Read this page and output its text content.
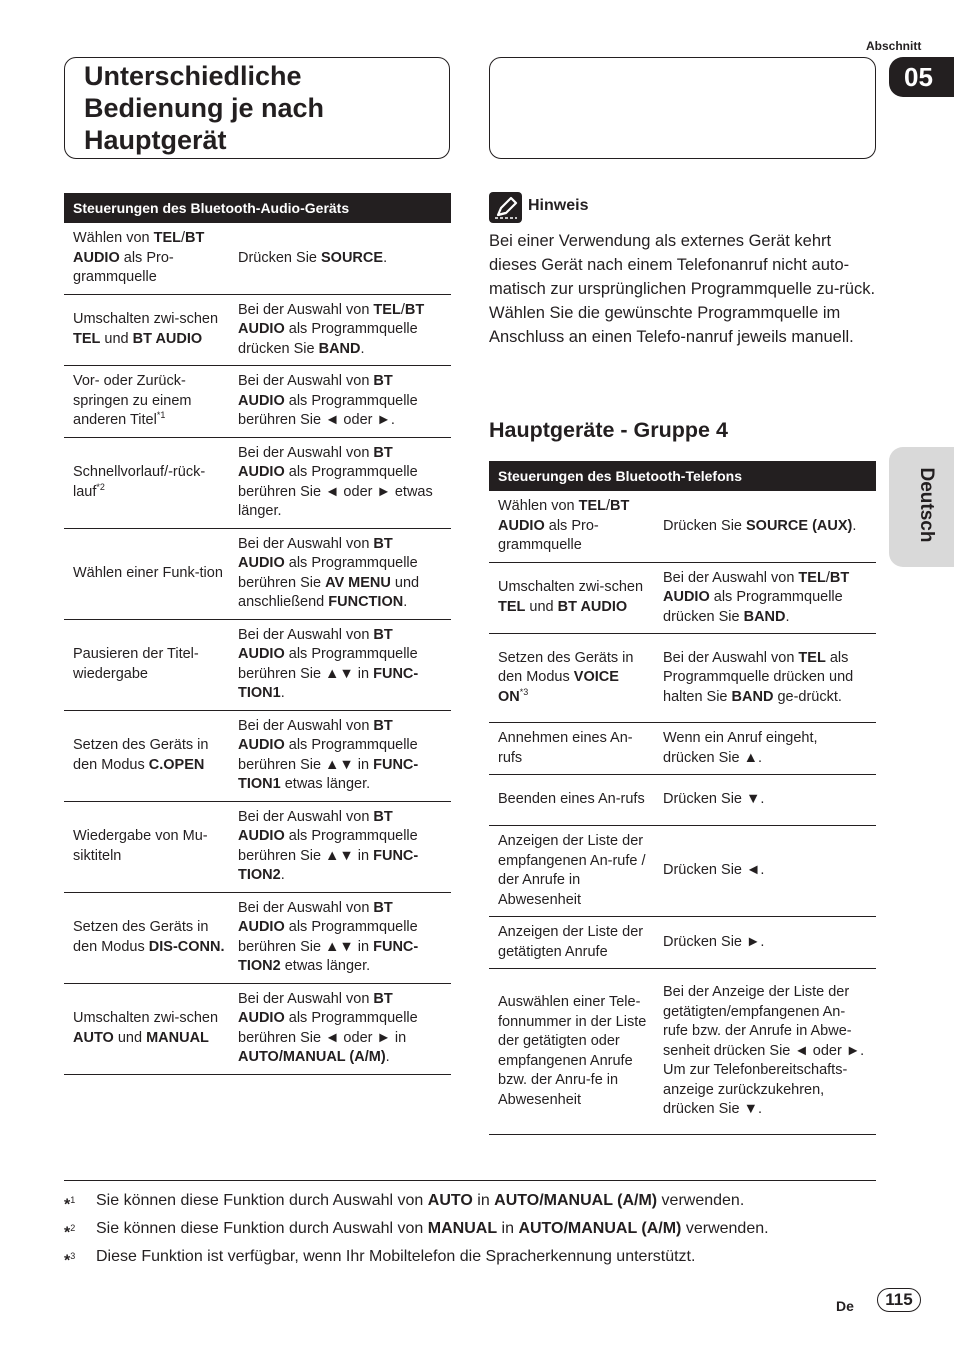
Unterschiedliche
Bedienung je nach
Hauptgerät
Abschnitt
05
Deutsch
Steuerungen des Bluetooth-Audio-Geräts	
Wählen von TEL/BT AUDIO als Pro-grammquelle	Drücken Sie SOURCE.
Umschalten zwi-schen TEL und BT AUDIO	Bei der Auswahl von TEL/BT AUDIO als Programmquelle drücken Sie BAND.
Vor- oder Zurück-springen zu einem anderen Titel$^{*1}$	Bei der Auswahl von BT AUDIO als Programmquelle berühren Sie ◄ oder ►.
Schnellvorlauf/-rück-lauf$^{*2}$	Bei der Auswahl von BT AUDIO als Programmquelle berühren Sie ◄ oder ► etwas länger.
Wählen einer Funk-tion	Bei der Auswahl von BT AUDIO als Programmquelle berühren Sie AV MENU und anschließend FUNCTION.
Pausieren der Titel-wiedergabe	Bei der Auswahl von BT AUDIO als Programmquelle berühren Sie ▲▼ in FUNC-TION1.
Setzen des Geräts in den Modus C.OPEN	Bei der Auswahl von BT AUDIO als Programmquelle berühren Sie ▲▼ in FUNC-TION1 etwas länger.
Wiedergabe von Mu-siktiteln	Bei der Auswahl von BT AUDIO als Programmquelle berühren Sie ▲▼ in FUNC-TION2.
Setzen des Geräts in den Modus DIS-CONN.	Bei der Auswahl von BT AUDIO als Programmquelle berühren Sie ▲▼ in FUNC-TION2 etwas länger.
Umschalten zwi-schen AUTO und MANUAL	Bei der Auswahl von BT AUDIO als Programmquelle berühren Sie ◄ oder ► in AUTO/MANUAL (A/M).
Hinweis
Bei einer Verwendung als externes Gerät kehrt dieses Gerät nach einem Telefonanruf nicht auto-matisch zur ursprünglichen Programmquelle zu-rück. Wählen Sie die gewünschte Programmquelle im Anschluss an einen Telefo-nanruf jeweils manuell.
Hauptgeräte - Gruppe 4
Steuerungen des Bluetooth-Telefons	
Wählen von TEL/BT AUDIO als Pro-grammquelle	Drücken Sie SOURCE (AUX).
Umschalten zwi-schen TEL und BT AUDIO	Bei der Auswahl von TEL/BT AUDIO als Programmquelle drücken Sie BAND.
Setzen des Geräts in den Modus VOICE ON$^{*3}$	Bei der Auswahl von TEL als Programmquelle drücken und halten Sie BAND ge-drückt.
Annehmen eines An-rufs	Wenn ein Anruf eingeht, drücken Sie ▲.
Beenden eines An-rufs	Drücken Sie ▼.
Anzeigen der Liste der empfangenen An-rufe / der Anrufe in Abwesenheit	Drücken Sie ◄.
Anzeigen der Liste der getätigten Anrufe	Drücken Sie ►.
Auswählen einer Tele-fonnummer in der Liste der getätigten oder empfangenen Anrufe bzw. der Anru-fe in Abwesenheit	Bei der Anzeige der Liste der getätigten/empfangenen An-rufe bzw. der Anrufe in Abwe-senheit drücken Sie ◄ oder ►.
Um zur Telefonbereitschafts-anzeige zurückzukehren, drücken Sie ▼.
*$^1$	Sie können diese Funktion durch Auswahl von AUTO in AUTO/MANUAL (A/M) verwenden.
*$^2$	Sie können diese Funktion durch Auswahl von MANUAL in AUTO/MANUAL (A/M) verwenden.
*$^3$	Diese Funktion ist verfügbar, wenn Ihr Mobiltelefon die Spracherkennung unterstützt.
De	115
